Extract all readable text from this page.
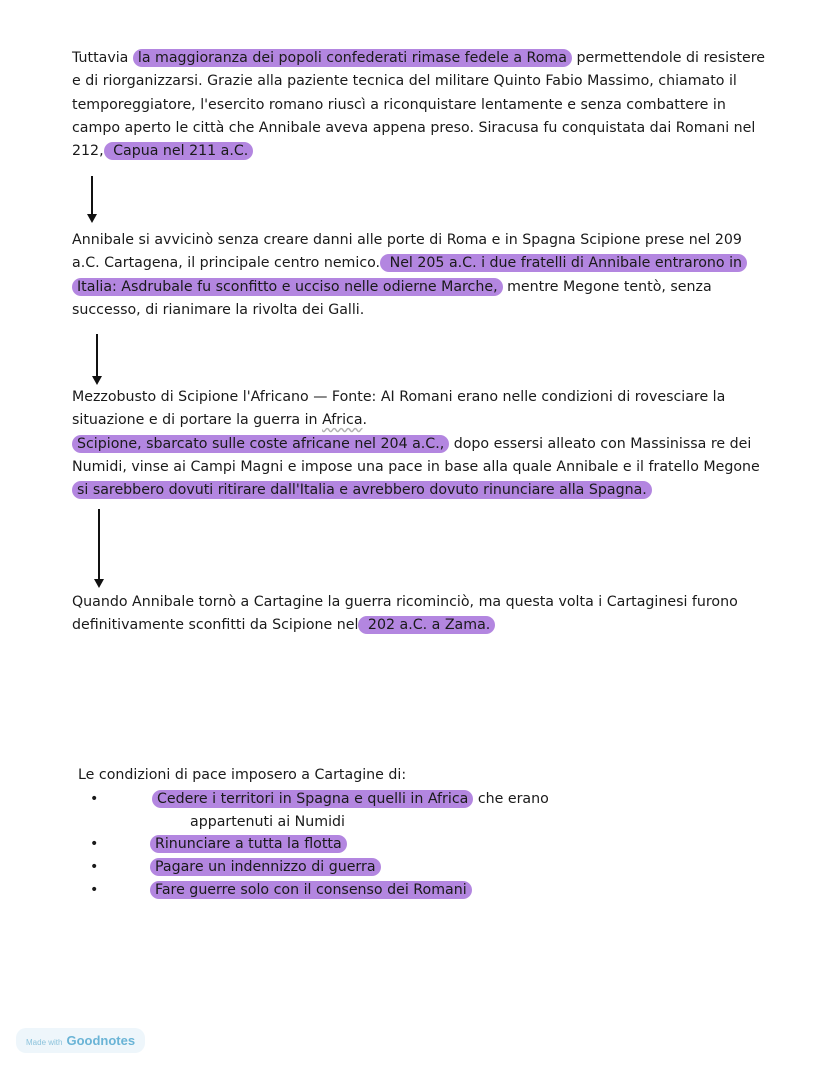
Tuttavia la maggioranza dei popoli confederati rimase fedele a Roma permettendole di resistere e di riorganizzarsi. Grazie alla paziente tecnica del militare Quinto Fabio Massimo, chiamato il temporeggiatore, l'esercito romano riuscì a riconquistare lentamente e senza combattere in campo aperto le città che Annibale aveva appena preso. Siracusa fu conquistata dai Romani nel 212, Capua nel 211 a.C.

Annibale si avvicinò senza creare danni alle porte di Roma e in Spagna Scipione prese nel 209 a.C. Cartagena, il principale centro nemico. Nel 205 a.C. i due fratelli di Annibale entrarono in Italia: Asdrubale fu sconfitto e ucciso nelle odierne Marche, mentre Megone tentò, senza successo, di rianimare la rivolta dei Galli.

Mezzobusto di Scipione l'Africano — Fonte: AI Romani erano nelle condizioni di rovesciare la situazione e di portare la guerra in Africa.
Scipione, sbarcato sulle coste africane nel 204 a.C., dopo essersi alleato con Massinissa re dei Numidi, vinse ai Campi Magni e impose una pace in base alla quale Annibale e il fratello Megone si sarebbero dovuti ritirare dall'Italia e avrebbero dovuto rinunciare alla Spagna.

Quando Annibale tornò a Cartagine la guerra ricominciò, ma questa volta i Cartaginesi furono definitivamente sconfitti da Scipione nel 202 a.C. a Zama.

Le condizioni di pace imposero a Cartagine di:

•	Cedere i territori in Spagna e quelli in Africa che erano
appartenuti ai Numidi
•	Rinunciare a tutta la flotta
•	Pagare un indennizzo di guerra
•	Fare guerre solo con il consenso dei Romani
Made with Goodnotes
